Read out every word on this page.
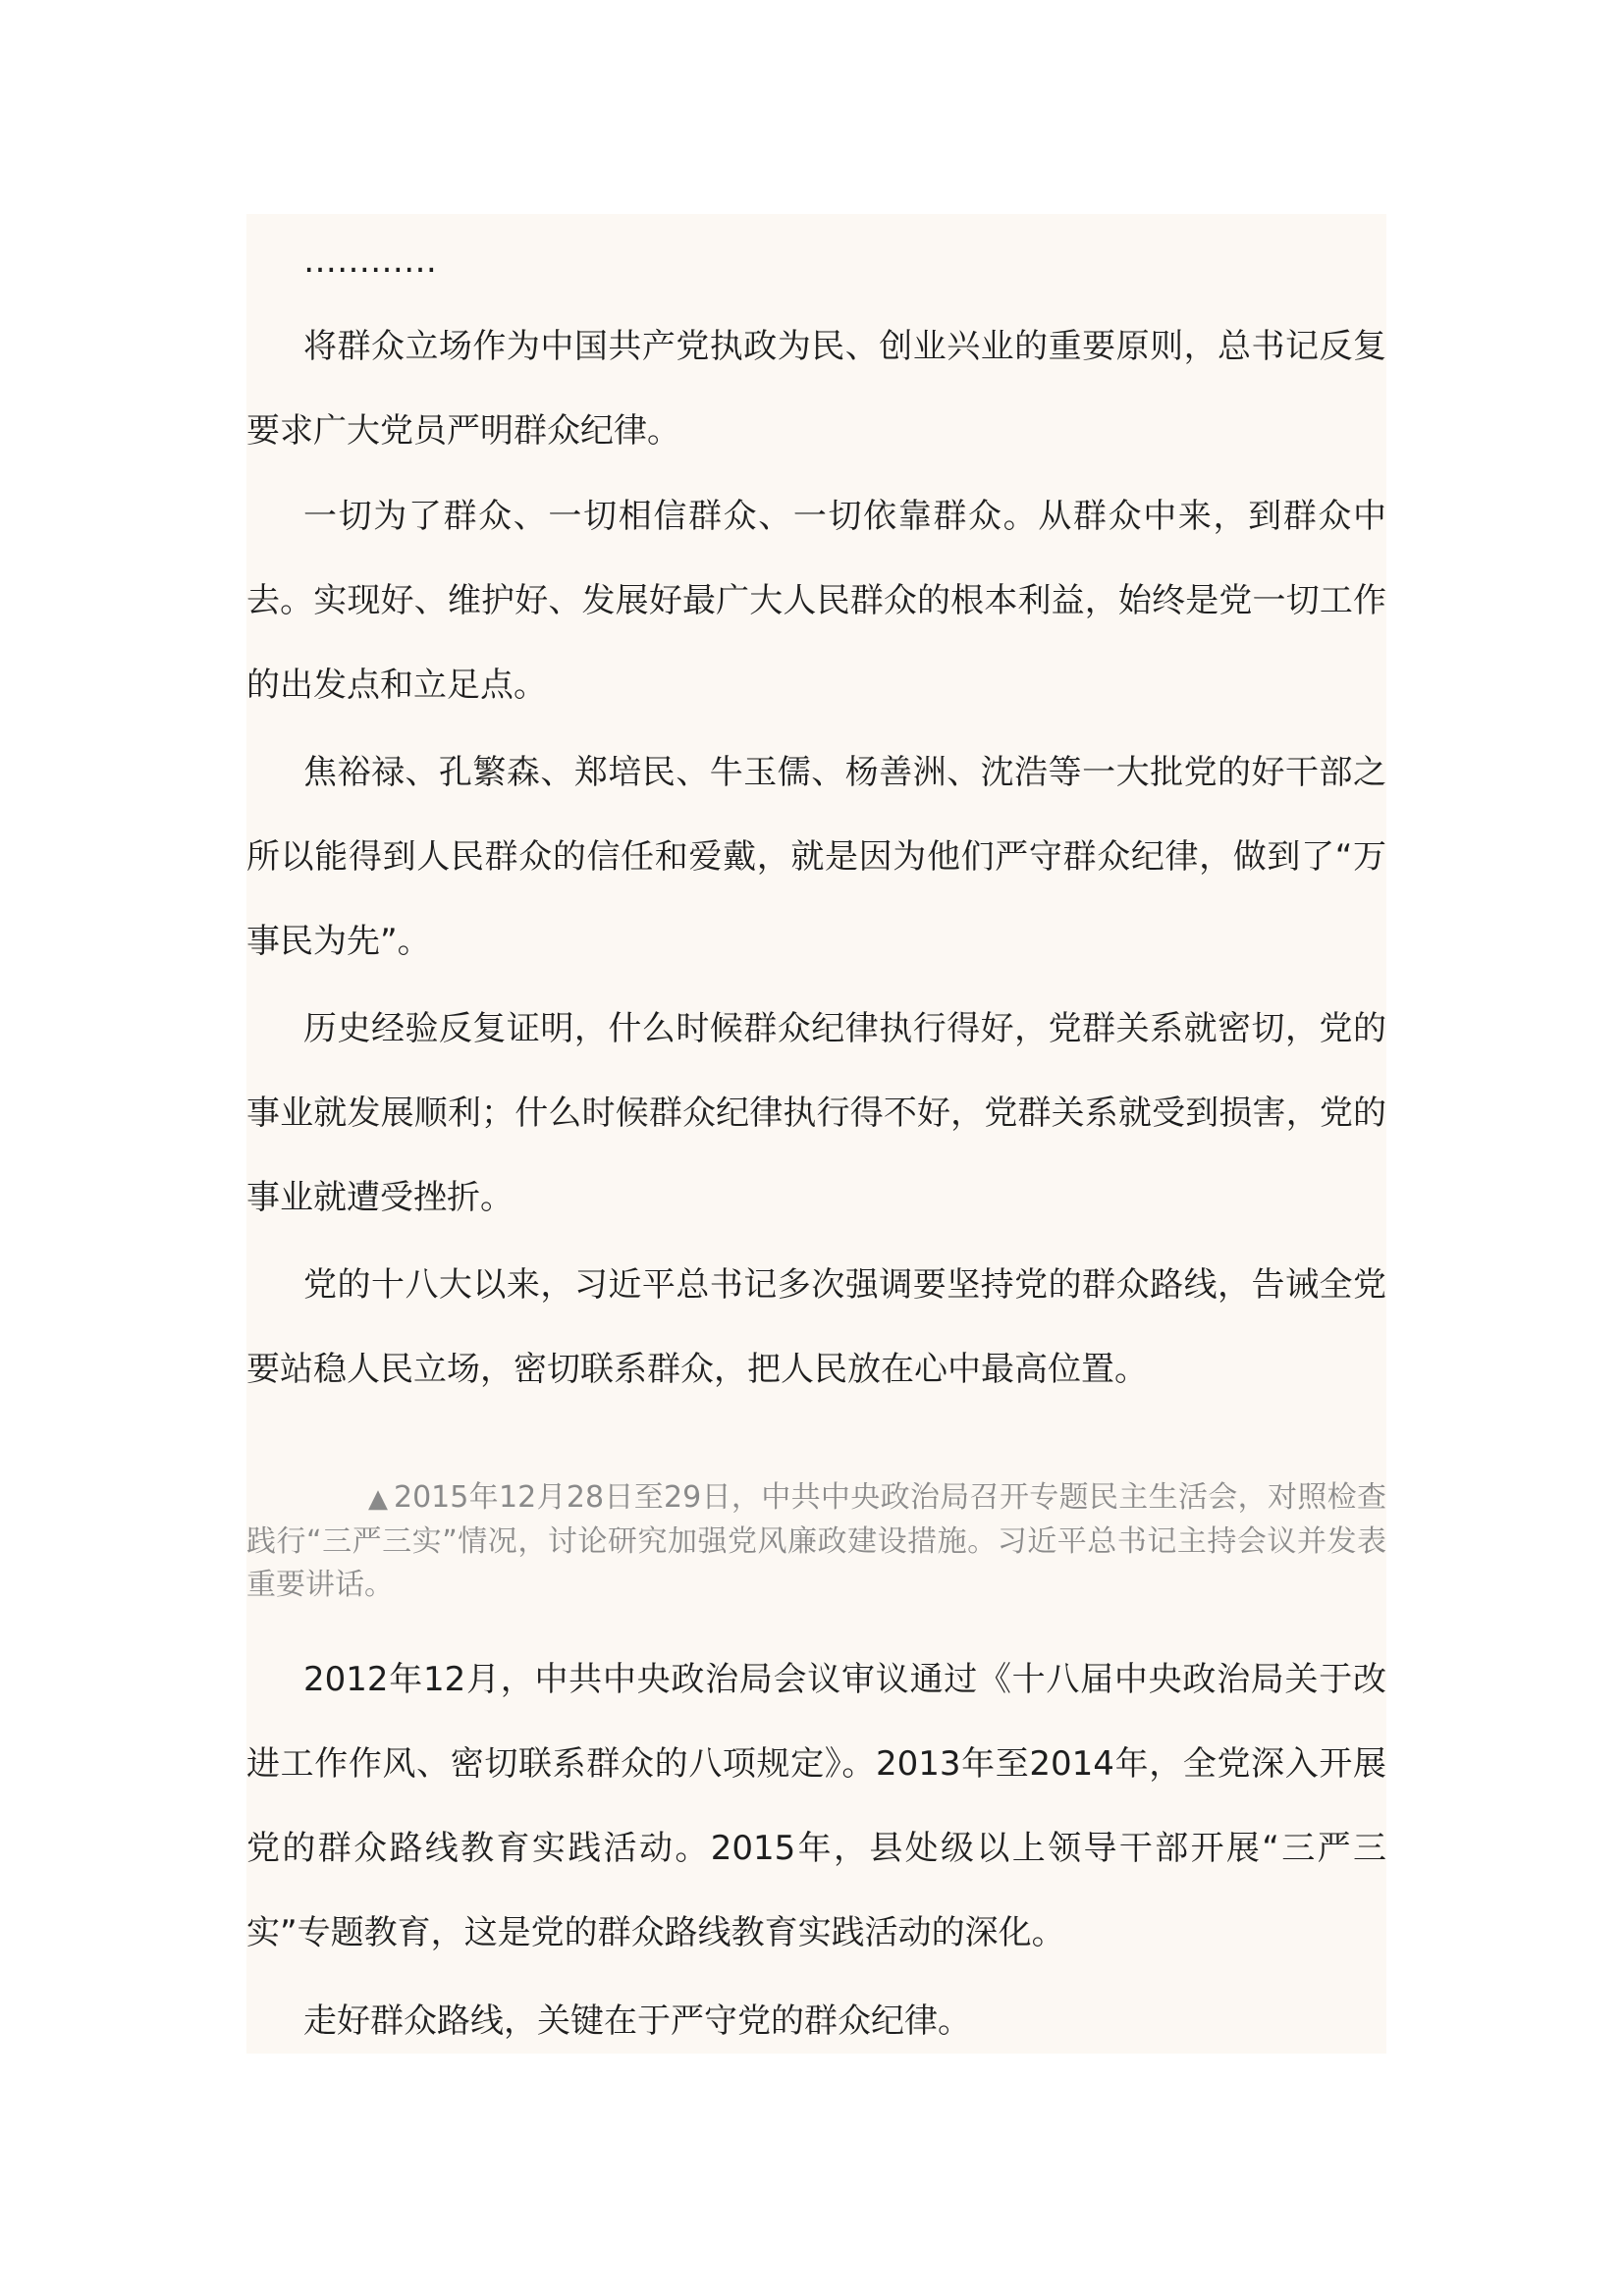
…………

将群众立场作为中国共产党执政为民、创业兴业的重要原则，总书记反复要求广大党员严明群众纪律。

一切为了群众、一切相信群众、一切依靠群众。从群众中来，到群众中去。实现好、维护好、发展好最广大人民群众的根本利益，始终是党一切工作的出发点和立足点。

焦裕禄、孔繁森、郑培民、牛玉儒、杨善洲、沈浩等一大批党的好干部之所以能得到人民群众的信任和爱戴，就是因为他们严守群众纪律，做到了“万事民为先”。

历史经验反复证明，什么时候群众纪律执行得好，党群关系就密切，党的事业就发展顺利；什么时候群众纪律执行得不好，党群关系就受到损害，党的事业就遭受挫折。

党的十八大以来，习近平总书记多次强调要坚持党的群众路线，告诫全党要站稳人民立场，密切联系群众，把人民放在心中最高位置。

▲ 2015年12月28日至29日，中共中央政治局召开专题民主生活会，对照检查践行“三严三实”情况，讨论研究加强党风廉政建设措施。习近平总书记主持会议并发表重要讲话。

2012年12月，中共中央政治局会议审议通过《十八届中央政治局关于改进工作作风、密切联系群众的八项规定》。2013年至2014年，全党深入开展党的群众路线教育实践活动。2015年，县处级以上领导干部开展“三严三实”专题教育，这是党的群众路线教育实践活动的深化。

走好群众路线，关键在于严守党的群众纪律。
